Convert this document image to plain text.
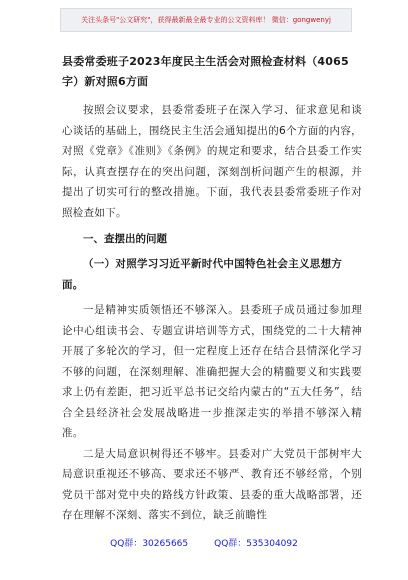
关注头条号"公文研究"，获得最新最全最专业的公文资料库！ 微信：gongwenyj
县委常委班子2023年度民主生活会对照检查材料（4065字）新对照6方面

按照会议要求，县委常委班子在深入学习、征求意见和谈心谈话的基础上，围绕民主生活会通知提出的6个方面的内容，对照《党章》《准则》《条例》的规定和要求，结合县委工作实际，认真查摆存在的突出问题，深刻剖析问题产生的根源，并提出了切实可行的整改措施。下面，我代表县委常委班子作对照检查如下。

一、查摆出的问题
（一）对照学习习近平新时代中国特色社会主义思想方面。

一是精神实质领悟还不够深入。县委班子成员通过参加理论中心组读书会、专题宣讲培训等方式，围绕党的二十大精神开展了多轮次的学习，但一定程度上还存在结合县情深化学习不够的问题，在深刻理解、准确把握大会的精髓要义和实践要求上仍有差距，把习近平总书记交给内蒙古的“五大任务”，结合全县经济社会发展战略进一步推深走实的举措不够深入精准。

二是大局意识树得还不够牢。县委对广大党员干部树牢大局意识重视还不够高、要求还不够严、教育还不够经常，个别党员干部对党中央的路线方针政策、县委的重大战略部署，还存在理解不深刻、落实不到位，缺乏前瞻性

QQ群：30265665	QQ群：535304092
